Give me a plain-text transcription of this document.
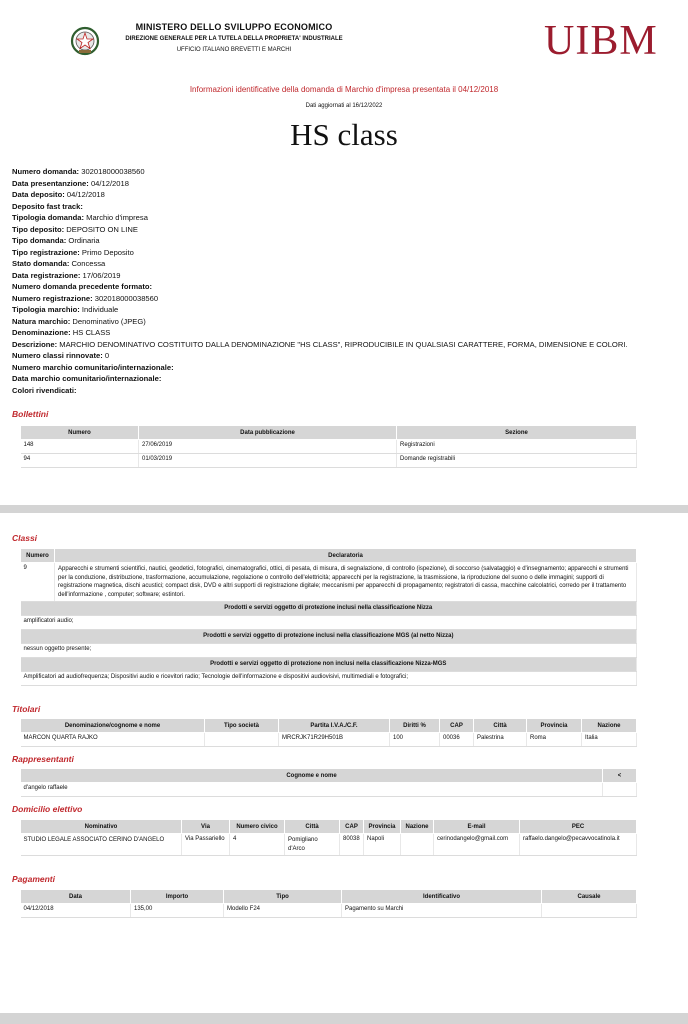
MINISTERO DELLO SVILUPPO ECONOMICO
DIREZIONE GENERALE PER LA TUTELA DELLA PROPRIETA' INDUSTRIALE
UFFICIO ITALIANO BREVETTI E MARCHI	UIBM
Informazioni identificative della domanda di Marchio d'impresa presentata il 04/12/2018
Dati aggiornati al 16/12/2022
HS class
Numero domanda: 302018000038560
Data presentanzione: 04/12/2018
Data deposito: 04/12/2018
Deposito fast track:
Tipologia domanda: Marchio d'impresa
Tipo deposito: DEPOSITO ON LINE
Tipo domanda: Ordinaria
Tipo registrazione: Primo Deposito
Stato domanda: Concessa
Data registrazione: 17/06/2019
Numero domanda precedente formato:
Numero registrazione: 302018000038560
Tipologia marchio: Individuale
Natura marchio: Denominativo (JPEG)
Denominazione: HS CLASS
Descrizione: MARCHIO DENOMINATIVO COSTITUITO DALLA DENOMINAZIONE "HS CLASS", RIPRODUCIBILE IN QUALSIASI CARATTERE, FORMA, DIMENSIONE E COLORI.
Numero classi rinnovate: 0
Numero marchio comunitario/internazionale:
Data marchio comunitario/internazionale:
Colori rivendicati:
Bollettini
Numero	Data pubblicazione	Sezione
148	27/06/2019	Registrazioni
94	01/03/2019	Domande registrabili
Classi
Numero	Declaratoria
9	Apparecchi e strumenti scientifici, nautici, geodetici, fotografici, cinematografici, ottici, di pesata, di misura, di segnalazione, di controllo (ispezione), di soccorso (salvataggio) e d'insegnamento; apparecchi e strumenti per la conduzione, distribuzione, trasformazione, accumulazione, regolazione o controllo dell'elettricità; apparecchi per la registrazione, la trasmissione, la riproduzione del suono o delle immagini; supporti di registrazione magnetica, dischi acustici; compact disk, DVD e altri supporti di registrazione digitale; meccanismi per apparecchi di propagamento; registratori di cassa, macchine calcolatrici, corredo per il trattamento dell'informazione , computer; software; estintori.
Prodotti e servizi oggetto di protezione inclusi nella classificazione Nizza	
amplificatori audio;	
Prodotti e servizi oggetto di protezione inclusi nella classificazione MGS (al netto Nizza)	
nessun oggetto presente;	
Prodotti e servizi oggetto di protezione non inclusi nella classificazione Nizza-MGS	
Amplificatori ad audiofrequenza; Dispositivi audio e ricevitori radio; Tecnologie dell'informazione e dispositivi audiovisivi, multimediali e fotografici;	
Titolari
Denominazione/cognome e nome	Tipo società	Partita I.V.A./C.F.	Diritti %	CAP	Città	Provincia	Nazione
MARCON QUARTA RAJKO		MRCRJK71R29H501B	100	00036	Palestrina	Roma	Italia
Rappresentanti
Cognome e nome	<
d'angelo raffaele	
Domicilio elettivo
Nominativo	Via	Numero civico	Città	CAP	Provincia	Nazione	E-mail	PEC
STUDIO LEGALE ASSOCIATO CERINO D'ANGELO	Via Passariello	4	Pomigliano d'Arco	80038	Napoli		cerinodangelo@gmail.com	raffaelo.dangelo@pecavvocatinola.it
Pagamenti
Data	Importo	Tipo	Identificativo	Causale
04/12/2018	135,00	Modello F24	Pagamento su Marchi	
